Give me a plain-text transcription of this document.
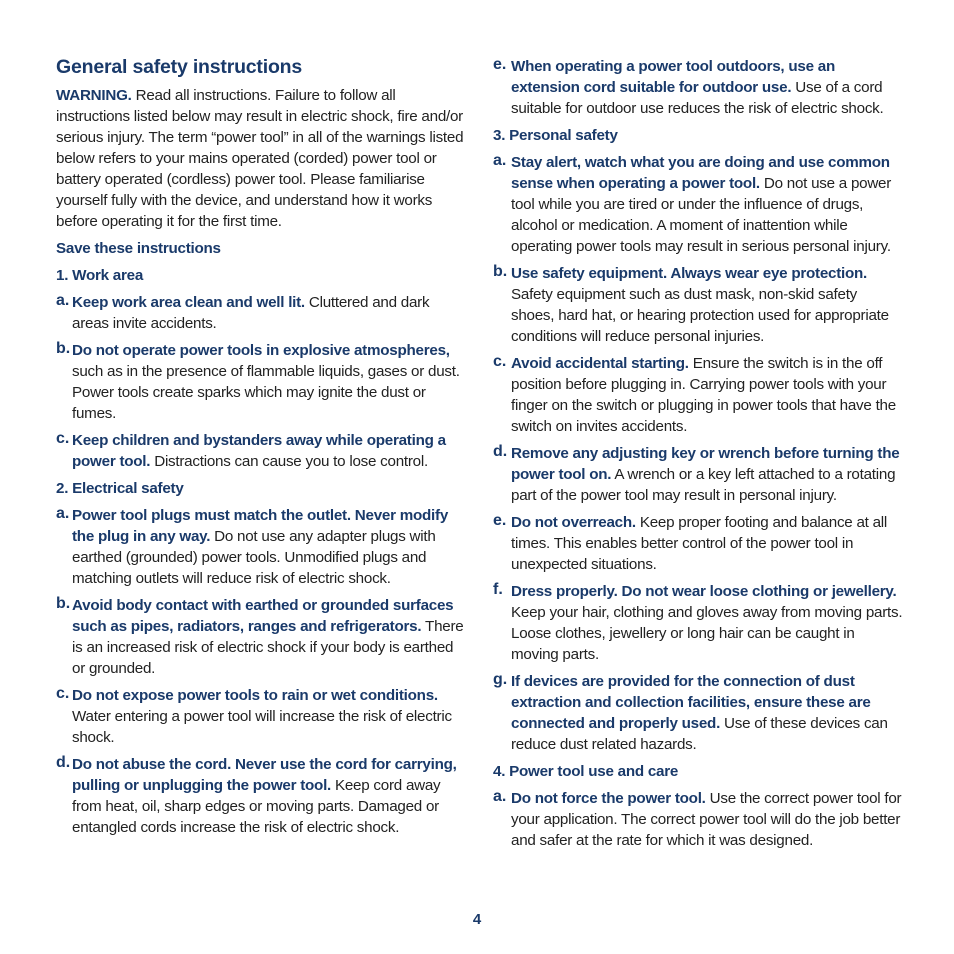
General safety instructions

WARNING. Read all instructions. Failure to follow all instructions listed below may result in electric shock, fire and/or serious injury. The term “power tool” in all of the warnings listed below refers to your mains operated (corded) power tool or battery operated (cordless) power tool. Please familiarise yourself fully with the device, and understand how it works before operating it for the first time.

Save these instructions

1. Work area

a. Keep work area clean and well lit. Cluttered and dark areas invite accidents.

b. Do not operate power tools in explosive atmospheres, such as in the presence of flammable liquids, gases or dust. Power tools create sparks which may ignite the dust or fumes.

c. Keep children and bystanders away while operating a power tool. Distractions can cause you to lose control.

2. Electrical safety

a. Power tool plugs must match the outlet. Never modify the plug in any way. Do not use any adapter plugs with earthed (grounded) power tools. Unmodified plugs and matching outlets will reduce risk of electric shock.

b. Avoid body contact with earthed or grounded surfaces such as pipes, radiators, ranges and refrigerators. There is an increased risk of electric shock if your body is earthed or grounded.

c. Do not expose power tools to rain or wet conditions. Water entering a power tool will increase the risk of electric shock.

d. Do not abuse the cord. Never use the cord for carrying, pulling or unplugging the power tool. Keep cord away from heat, oil, sharp edges or moving parts. Damaged or entangled cords increase the risk of electric shock.

e. When operating a power tool outdoors, use an extension cord suitable for outdoor use. Use of a cord suitable for outdoor use reduces the risk of electric shock.

3. Personal safety

a. Stay alert, watch what you are doing and use common sense when operating a power tool. Do not use a power tool while you are tired or under the influence of drugs, alcohol or medication. A moment of inattention while operating power tools may result in serious personal injury.

b. Use safety equipment. Always wear eye protection. Safety equipment such as dust mask, non-skid safety shoes, hard hat, or hearing protection used for appropriate conditions will reduce personal injuries.

c. Avoid accidental starting. Ensure the switch is in the off position before plugging in. Carrying power tools with your finger on the switch or plugging in power tools that have the switch on invites accidents.

d. Remove any adjusting key or wrench before turning the power tool on. A wrench or a key left attached to a rotating part of the power tool may result in personal injury.

e. Do not overreach. Keep proper footing and balance at all times. This enables better control of the power tool in unexpected situations.

f. Dress properly. Do not wear loose clothing or jewellery. Keep your hair, clothing and gloves away from moving parts. Loose clothes, jewellery or long hair can be caught in moving parts.

g. If devices are provided for the connection of dust extraction and collection facilities, ensure these are connected and properly used. Use of these devices can reduce dust related hazards.

4. Power tool use and care

a. Do not force the power tool. Use the correct power tool for your application. The correct power tool will do the job better and safer at the rate for which it was designed.

4
